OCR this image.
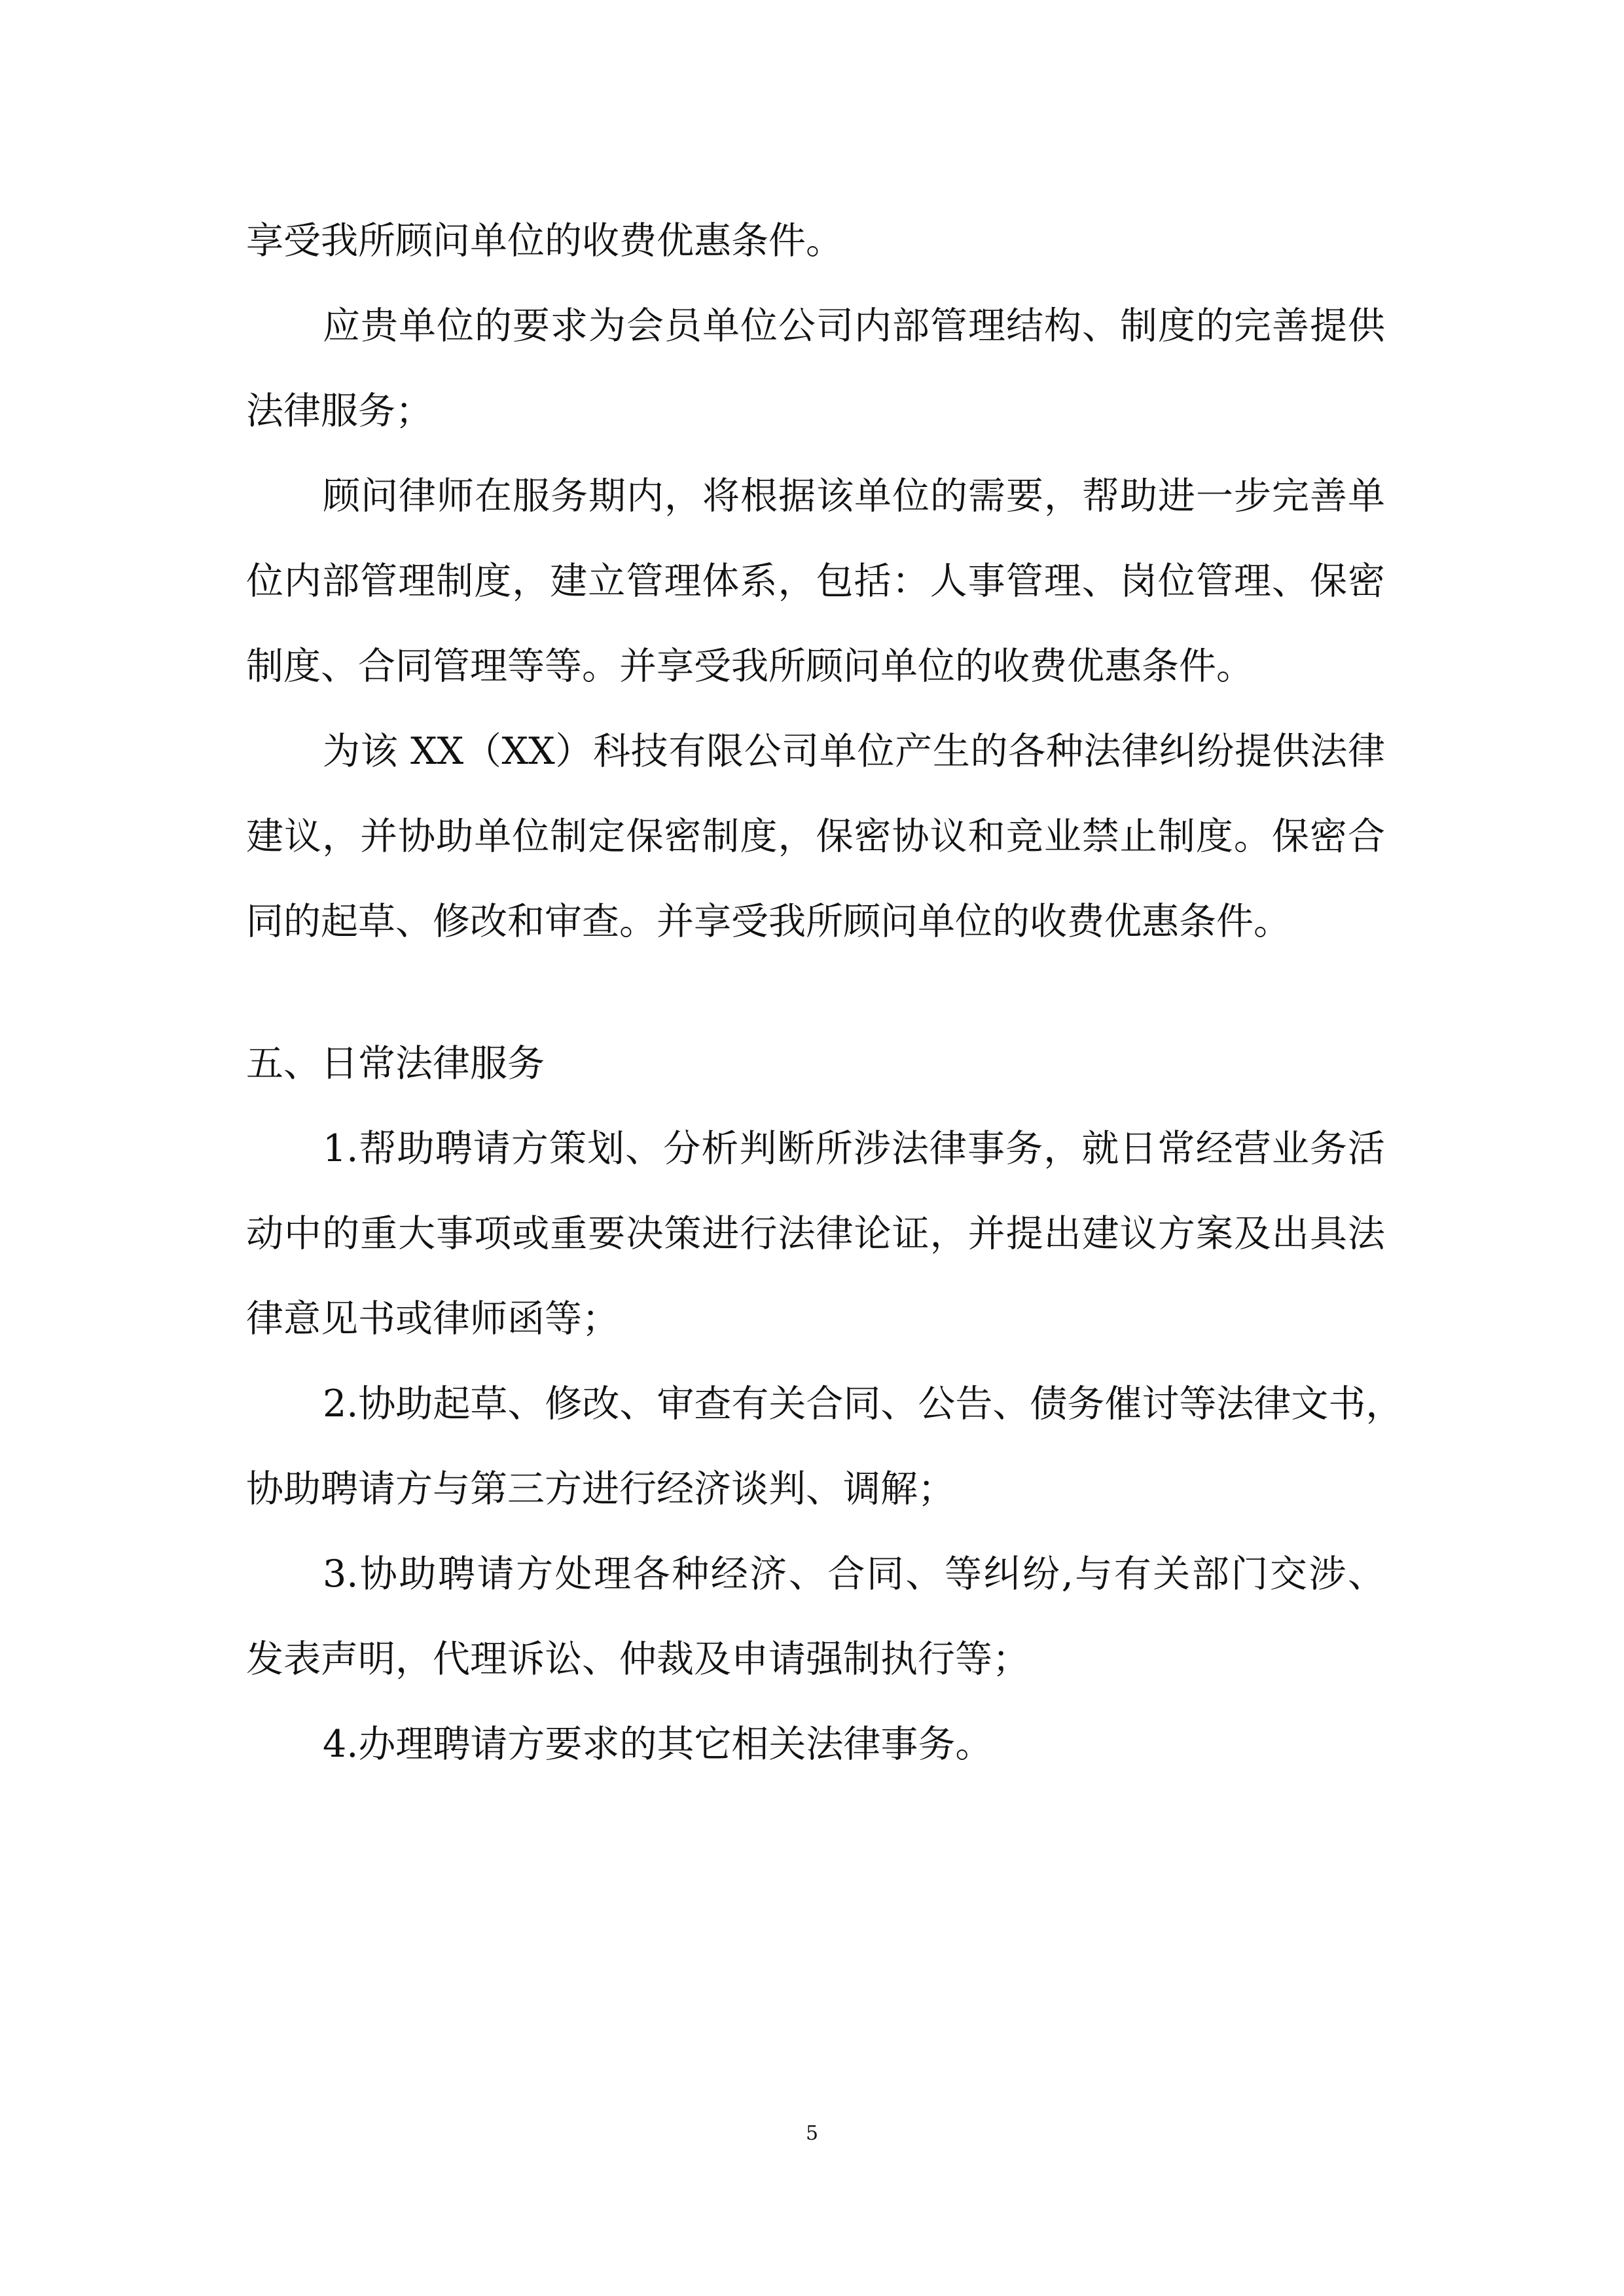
享受我所顾问单位的收费优惠条件。

应贵单位的要求为会员单位公司内部管理结构、制度的完善提供

法律服务；

顾问律师在服务期内，将根据该单位的需要，帮助进一步完善单

位内部管理制度，建立管理体系，包括：人事管理、岗位管理、保密

制度、合同管理等等。并享受我所顾问单位的收费优惠条件。

为该 XX（XX）科技有限公司单位产生的各种法律纠纷提供法律

建议，并协助单位制定保密制度，保密协议和竞业禁止制度。保密合

同的起草、修改和审查。并享受我所顾问单位的收费优惠条件。

五、日常法律服务

1.帮助聘请方策划、分析判断所涉法律事务，就日常经营业务活

动中的重大事项或重要决策进行法律论证，并提出建议方案及出具法

律意见书或律师函等；

2.协助起草、修改、审查有关合同、公告、债务催讨等法律文书，

协助聘请方与第三方进行经济谈判、调解；

3.协助聘请方处理各种经济、合同、等纠纷,与有关部门交涉、

发表声明，代理诉讼、仲裁及申请强制执行等；

4.办理聘请方要求的其它相关法律事务。

5
